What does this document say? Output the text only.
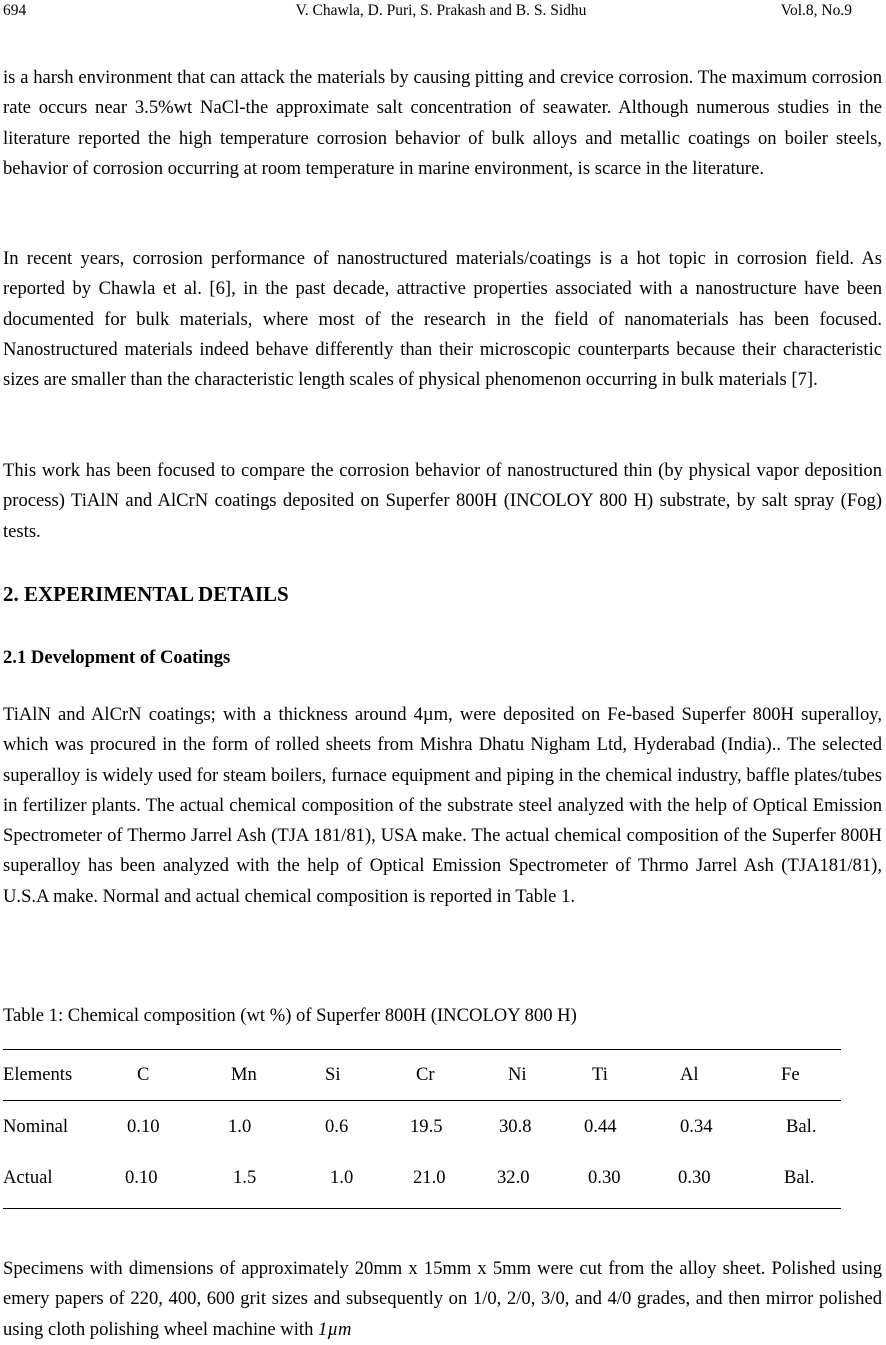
694	V. Chawla, D. Puri, S. Prakash and B. S. Sidhu	Vol.8, No.9

is a harsh environment that can attack the materials by causing pitting and crevice corrosion. The maximum corrosion rate occurs near 3.5%wt NaCl-the approximate salt concentration of seawater. Although numerous studies in the literature reported the high temperature corrosion behavior of bulk alloys and metallic coatings on boiler steels, behavior of corrosion occurring at room temperature in marine environment, is scarce in the literature.

In recent years, corrosion performance of nanostructured materials/coatings is a hot topic in corrosion field. As reported by Chawla et al. [6], in the past decade, attractive properties associated with a nanostructure have been documented for bulk materials, where most of the research in the field of nanomaterials has been focused. Nanostructured materials indeed behave differently than their microscopic counterparts because their characteristic sizes are smaller than the characteristic length scales of physical phenomenon occurring in bulk materials [7].

This work has been focused to compare the corrosion behavior of nanostructured thin (by physical vapor deposition process) TiAlN and AlCrN coatings deposited on Superfer 800H (INCOLOY 800 H) substrate, by salt spray (Fog) tests.

2. EXPERIMENTAL DETAILS
2.1 Development of Coatings

TiAlN and AlCrN coatings; with a thickness around 4µm, were deposited on Fe-based Superfer 800H superalloy, which was procured in the form of rolled sheets from Mishra Dhatu Nigham Ltd, Hyderabad (India).. The selected superalloy is widely used for steam boilers, furnace equipment and piping in the chemical industry, baffle plates/tubes in fertilizer plants. The actual chemical composition of the substrate steel analyzed with the help of Optical Emission Spectrometer of Thermo Jarrel Ash (TJA 181/81), USA make. The actual chemical composition of the Superfer 800H superalloy has been analyzed with the help of Optical Emission Spectrometer of Thrmo Jarrel Ash (TJA181/81), U.S.A make. Normal and actual chemical composition is reported in Table 1.

Table 1: Chemical composition (wt %) of Superfer 800H (INCOLOY 800 H)

Elements	C	Mn	Si	Cr	Ni	Ti	Al	Fe
Nominal	0.10	1.0	0.6	19.5	30.8	0.44	0.34	Bal.
Actual	0.10	1.5	1.0	21.0	32.0	0.30	0.30	Bal.

Specimens with dimensions of approximately 20mm x 15mm x 5mm were cut from the alloy sheet. Polished using emery papers of 220, 400, 600 grit sizes and subsequently on 1/0, 2/0, 3/0, and 4/0 grades, and then mirror polished using cloth polishing wheel machine with 1µm
